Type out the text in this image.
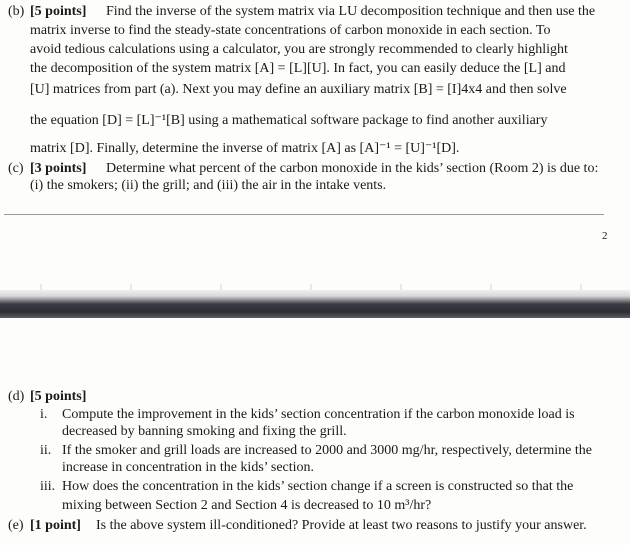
(b) [5 points] Find the inverse of the system matrix via LU decomposition technique and then use the
matrix inverse to find the steady-state concentrations of carbon monoxide in each section. To
avoid tedious calculations using a calculator, you are strongly recommended to clearly highlight
the decomposition of the system matrix [A] = [L][U]. In fact, you can easily deduce the [L] and
[U] matrices from part (a). Next you may define an auxiliary matrix [B] = [I]4x4 and then solve
the equation [D] = [L]⁻¹[B] using a mathematical software package to find another auxiliary
matrix [D]. Finally, determine the inverse of matrix [A] as [A]⁻¹ = [U]⁻¹[D].
(c) [3 points] Determine what percent of the carbon monoxide in the kids’ section (Room 2) is due to:
(i) the smokers; (ii) the grill; and (iii) the air in the intake vents.
2
(d) [5 points]
i. Compute the improvement in the kids’ section concentration if the carbon monoxide load is
decreased by banning smoking and fixing the grill.
ii. If the smoker and grill loads are increased to 2000 and 3000 mg/hr, respectively, determine the
increase in concentration in the kids’ section.
iii. How does the concentration in the kids’ section change if a screen is constructed so that the
mixing between Section 2 and Section 4 is decreased to 10 m³/hr?
(e) [1 point] Is the above system ill-conditioned? Provide at least two reasons to justify your answer.
